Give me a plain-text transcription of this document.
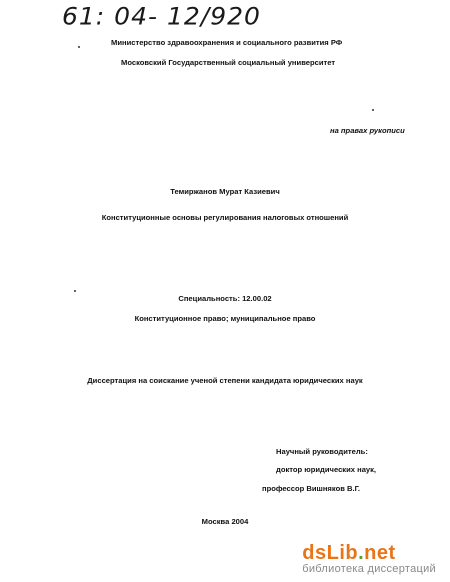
61: 04- 12/920
Министерство здравоохранения и социального развития РФ
Московский Государственный социальный университет
на правах рукописи
Темиржанов Мурат Казиевич
Конституционные основы регулирования налоговых отношений
Специальность: 12.00.02
Конституционное право; муниципальное право
Диссертация на соискание ученой степени кандидата юридических наук
Научный руководитель:
доктор юридических наук,
профессор Вишняков В.Г.
Москва 2004
dsLib.net
библиотека диссертаций
